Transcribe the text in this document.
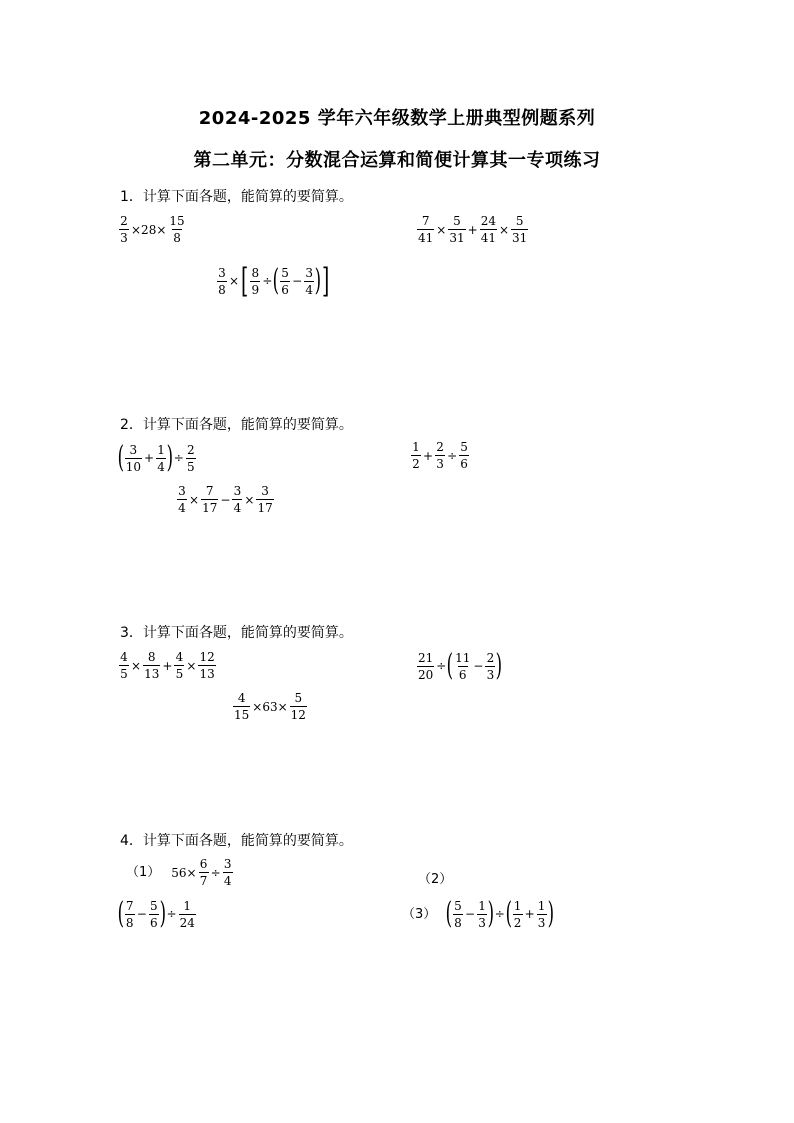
2024-2025 学年六年级数学上册典型例题系列
第二单元：分数混合运算和简便计算其一专项练习
1．计算下面各题，能简算的要简算。
$\frac{2}{3} \times 28\times \frac{15}{8}$	$\frac{7}{41} \times \frac{5}{31} + \frac{24}{41} \times \frac{5}{31}$
$\frac{3}{8}$ × [ $\frac{8}{9}$ ÷ ( $\frac{5}{6} - \frac{3}{4}$ ) ]
2．计算下面各题，能简算的要简算。
( $\frac{3}{10} + \frac{1}{4}$ ) ÷ $\frac{2}{5}$	$\frac{1}{2} + \frac{2}{3} \div \frac{5}{6}$
$\frac{3}{4} \times \frac{7}{17} - \frac{3}{4} \times \frac{3}{17}$
3．计算下面各题，能简算的要简算。
$\frac{4}{5} \times \frac{8}{13} + \frac{4}{5} \times \frac{12}{13}$	$\frac{21}{20}$ ÷ ( $\frac{11}{6} - \frac{2}{3}$ )
$\frac{4}{15} \times 63\times \frac{5}{12}$
4．计算下面各题，能简算的要简算。
（1） $56\times \frac{6}{7} \div \frac{3}{4}$	（2）
( $\frac{7}{8} - \frac{5}{6}$ ) ÷ $\frac{1}{24}$	（3） ( $\frac{5}{8} - \frac{1}{3}$ ) ÷ ( $\frac{1}{2} + \frac{1}{3}$ )
